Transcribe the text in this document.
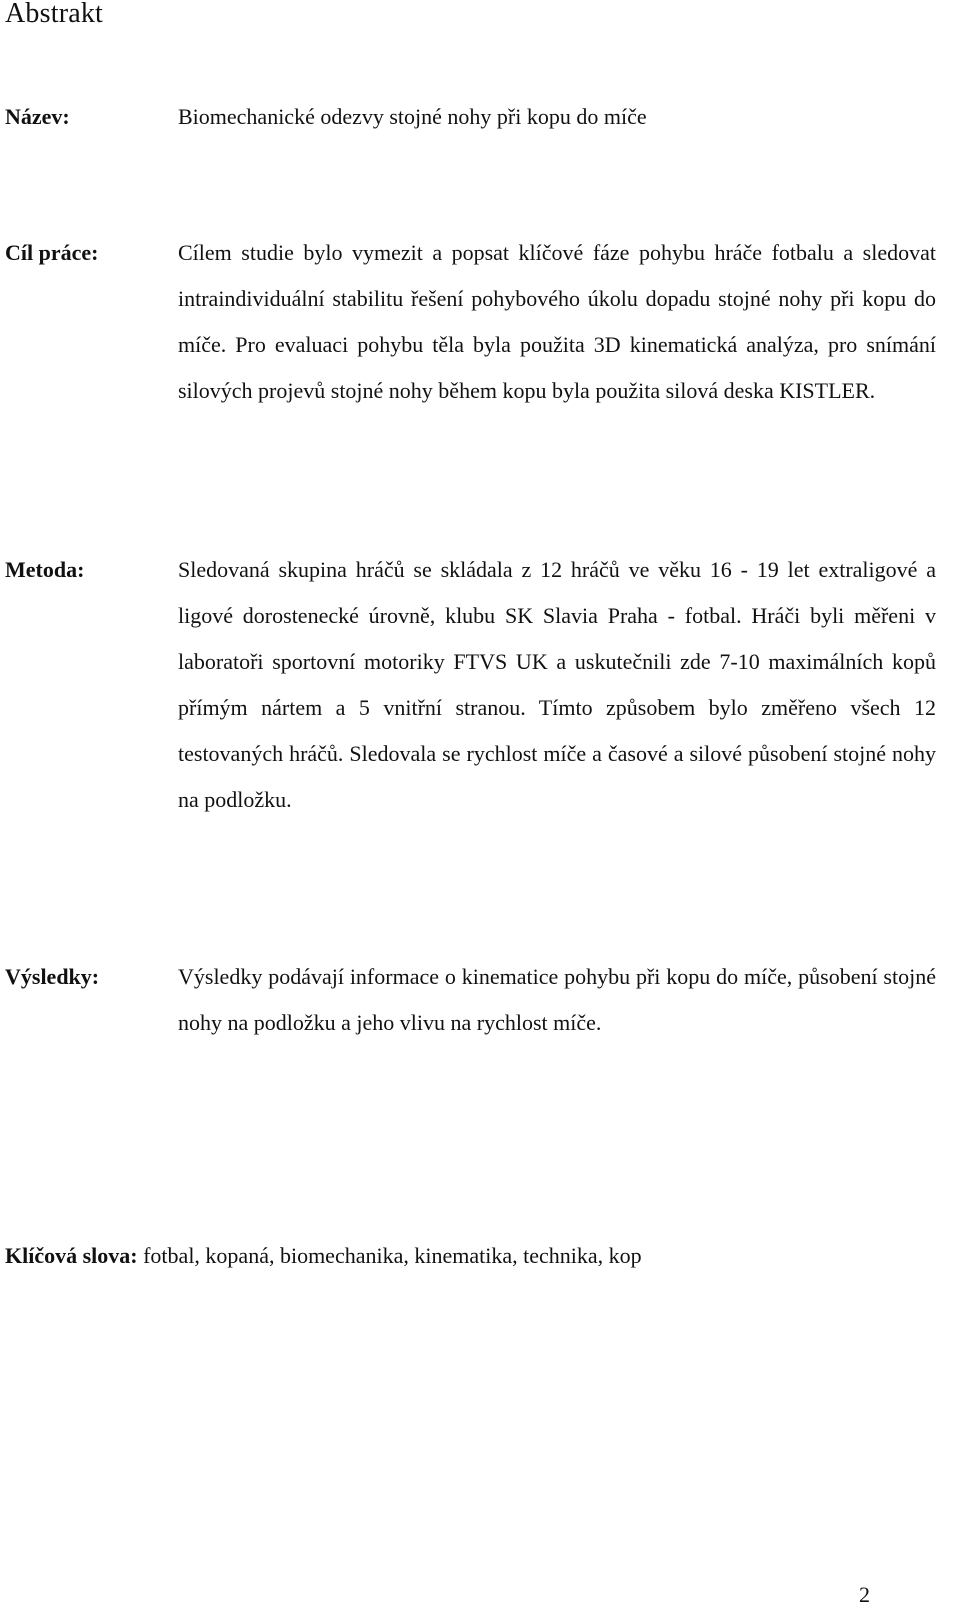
Abstrakt
Název:	Biomechanické odezvy stojné nohy při kopu do míče
Cíl práce:	Cílem studie bylo vymezit a popsat klíčové fáze pohybu hráče fotbalu a sledovat intraindividuální stabilitu řešení pohybového úkolu dopadu stojné nohy při kopu do míče. Pro evaluaci pohybu těla byla použita 3D kinematická analýza, pro snímání silových projevů stojné nohy během kopu byla použita silová deska KISTLER.
Metoda:	Sledovaná skupina hráčů se skládala z 12 hráčů ve věku 16 - 19 let extraligové a ligové dorostenecké úrovně, klubu SK Slavia Praha - fotbal. Hráči byli měřeni v laboratoři sportovní motoriky FTVS UK a uskutečnili zde 7-10 maximálních kopů přímým nártem a 5 vnitřní stranou. Tímto způsobem bylo změřeno všech 12 testovaných hráčů. Sledovala se rychlost míče a časové a silové působení stojné nohy na podložku.
Výsledky:	Výsledky podávají informace o kinematice pohybu při kopu do míče, působení stojné nohy na podložku a jeho vlivu na rychlost míče.
Klíčová slova: fotbal, kopaná, biomechanika, kinematika, technika, kop
2
